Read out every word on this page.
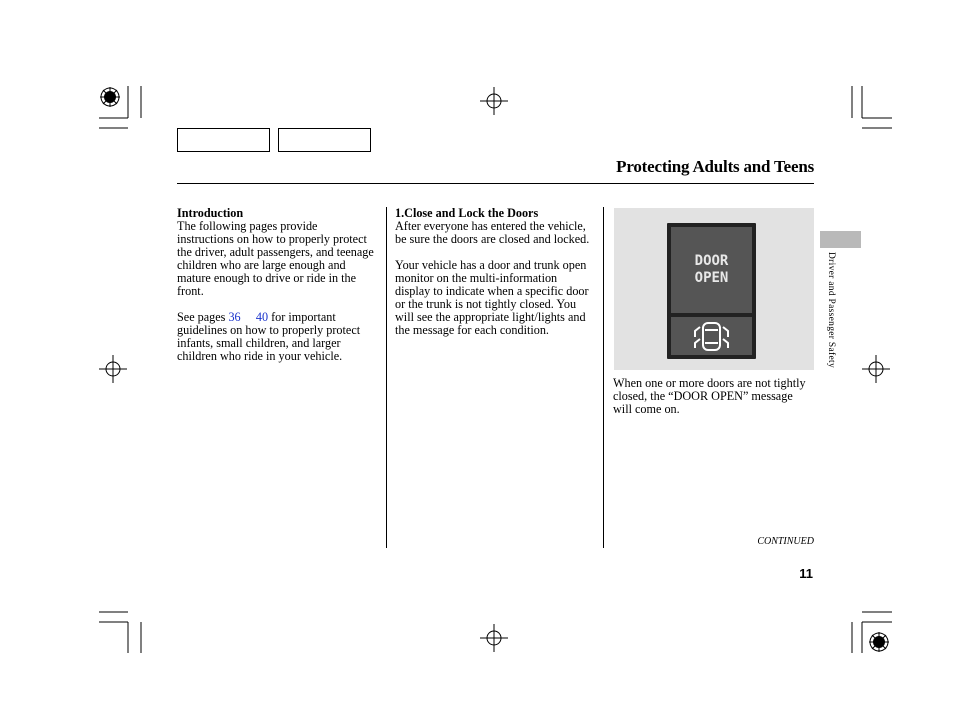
Protecting Adults and Teens

Introduction

The following pages provide instructions on how to properly protect the driver, adult passengers, and teenage children who are large enough and mature enough to drive or ride in the front.

See pages 36 40 for important guidelines on how to properly protect infants, small children, and larger children who ride in your vehicle.

1.Close and Lock the Doors

After everyone has entered the vehicle, be sure the doors are closed and locked.

Your vehicle has a door and trunk open monitor on the multi-information display to indicate when a specific door or the trunk is not tightly closed. You will see the appropriate light/lights and the message for each condition.

DOOR
OPEN

When one or more doors are not tightly closed, the “DOOR OPEN” message will come on.

Driver and Passenger Safety
CONTINUED
11
